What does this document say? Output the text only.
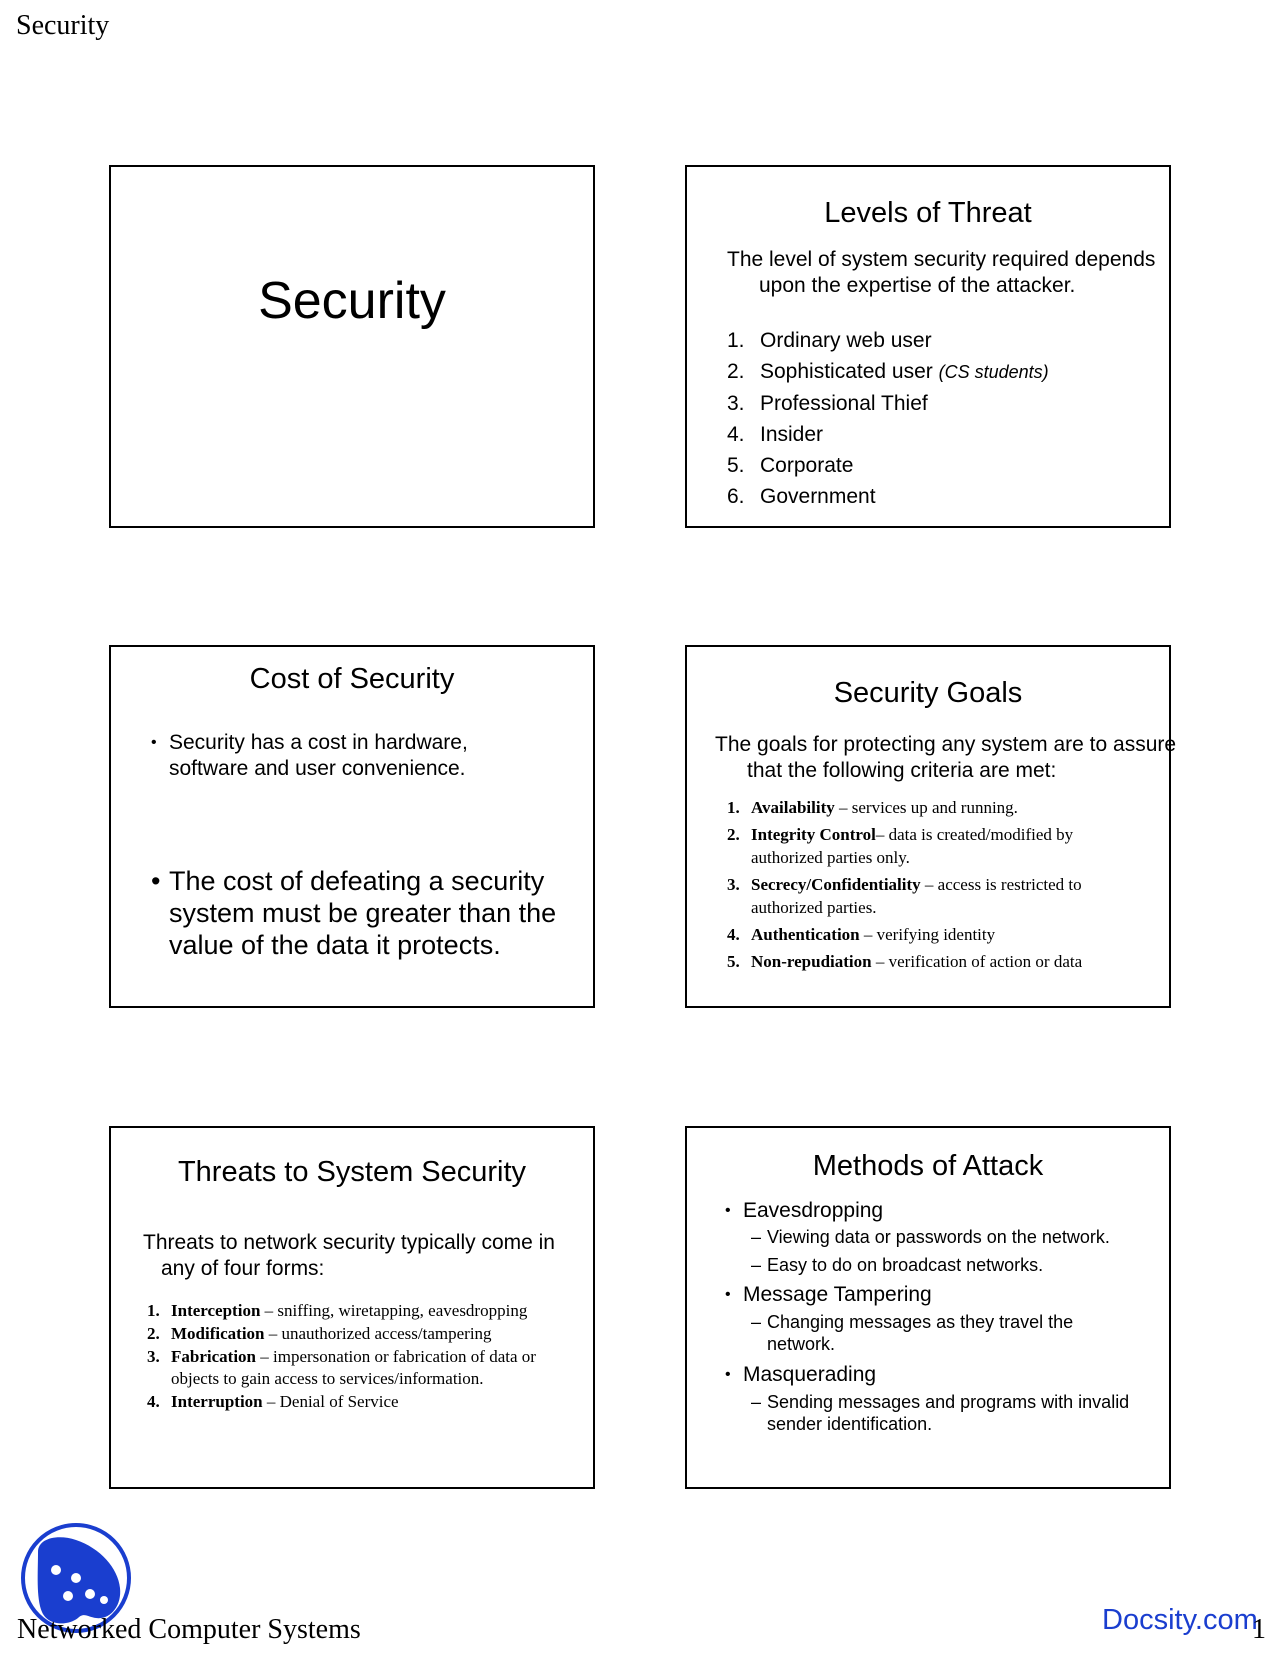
Security
Security
Levels of Threat
The level of system security required depends upon the expertise of the attacker.
1. Ordinary web user
2. Sophisticated user (CS students)
3. Professional Thief
4. Insider
5. Corporate
6. Government
Cost of Security
• Security has a cost in hardware, software and user convenience.
• The cost of defeating a security system must be greater than the value of the data it protects.
Security Goals
The goals for protecting any system are to assure that the following criteria are met:
1. Availability – services up and running.
2. Integrity Control– data is created/modified by authorized parties only.
3. Secrecy/Confidentiality – access is restricted to authorized parties.
4. Authentication – verifying identity
5. Non-repudiation – verification of action or data
Threats to System Security
Threats to network security typically come in any of four forms:
1. Interception – sniffing, wiretapping, eavesdropping
2. Modification – unauthorized access/tampering
3. Fabrication – impersonation or fabrication of data or objects to gain access to services/information.
4. Interruption – Denial of Service
Methods of Attack
• Eavesdropping
– Viewing data or passwords on the network.
– Easy to do on broadcast networks.
• Message Tampering
– Changing messages as they travel the network.
• Masquerading
– Sending messages and programs with invalid sender identification.
Networked Computer Systems	Docsity.com
1
